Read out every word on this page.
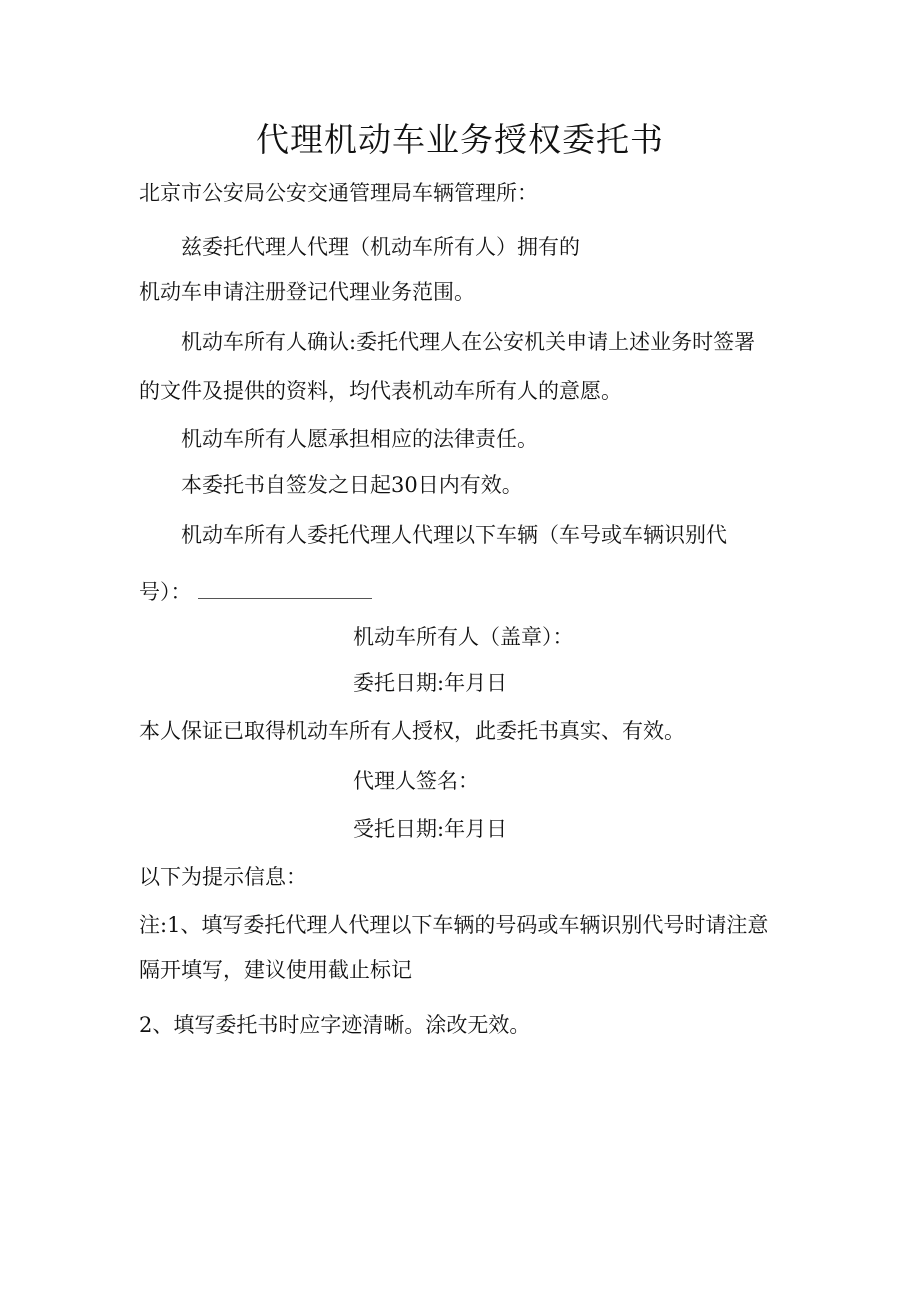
代理机动车业务授权委托书
北京市公安局公安交通管理局车辆管理所：
兹委托代理人代理（机动车所有人）拥有的
机动车申请注册登记代理业务范围。
机动车所有人确认:委托代理人在公安机关申请上述业务时签署
的文件及提供的资料，均代表机动车所有人的意愿。
机动车所有人愿承担相应的法律责任。
本委托书自签发之日起30日内有效。
机动车所有人委托代理人代理以下车辆（车号或车辆识别代
号）：
机动车所有人（盖章）：
委托日期:年月日
本人保证已取得机动车所有人授权，此委托书真实、有效。
代理人签名：
受托日期:年月日
以下为提示信息：
注:1、填写委托代理人代理以下车辆的号码或车辆识别代号时请注意
隔开填写，建议使用截止标记
2、填写委托书时应字迹清晰。涂改无效。
